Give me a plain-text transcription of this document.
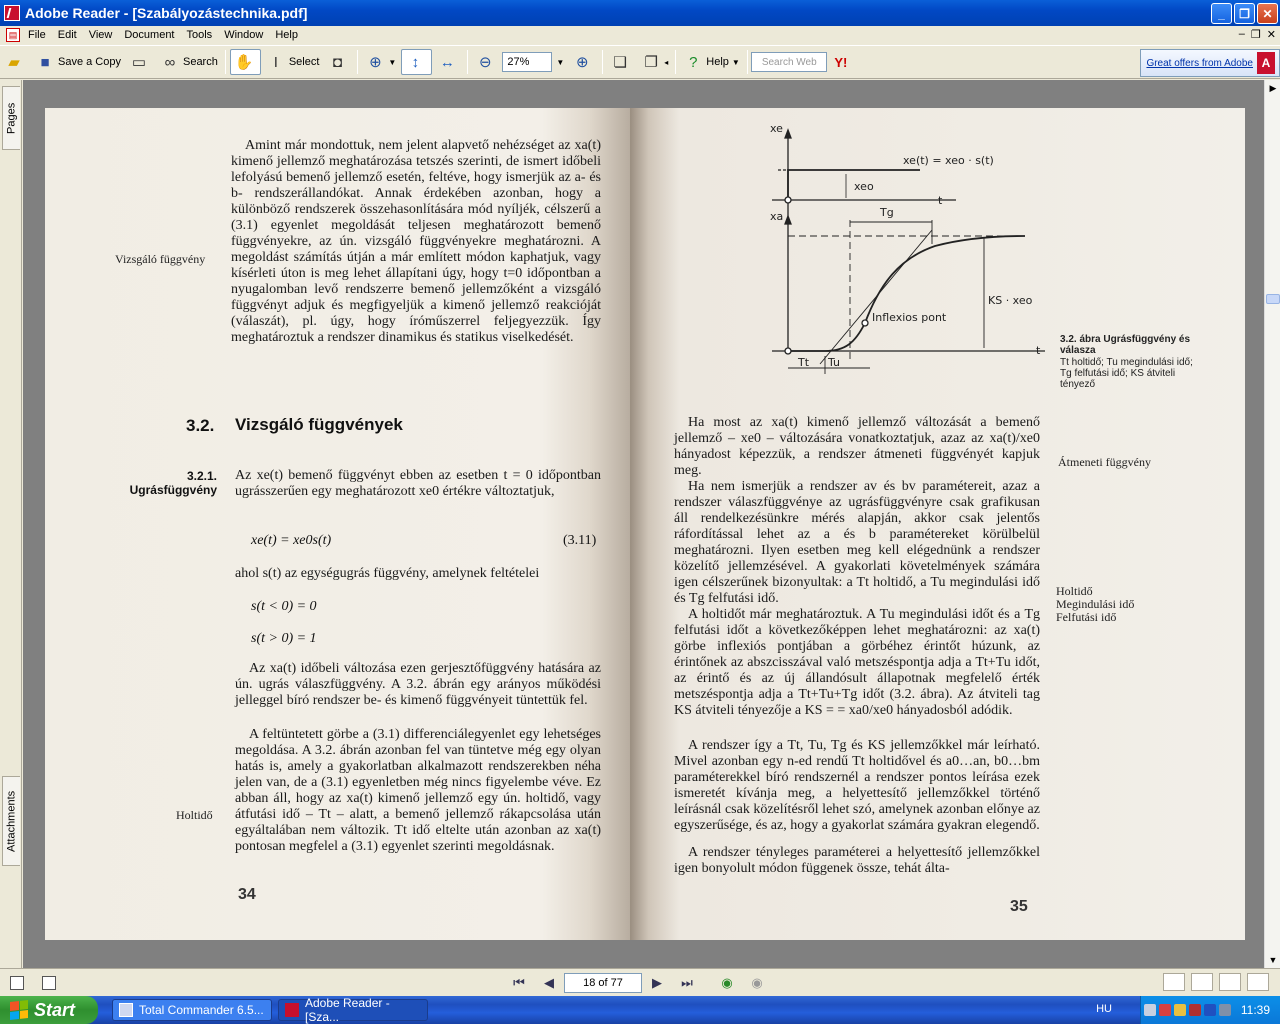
Adobe Reader - [Szabályozástechnika.pdf]	_	❐	✕
▤ File	Edit	View	Document	Tools	Window	Help	– ❐ ✕
▰	■ Save a Copy ▭	∞ Search ✋	I Select ◘	⊕ ▼	↕	↔ ⊖	27%	▼ ⊕ ❏ ❐ ◂	? Help ▼	Search Web	Y!	Great offers from Adobe A
Pages
Attachments
Amint már mondottuk, nem jelent alapvető nehézséget az xa(t) kimenő jellemző meghatározása tetszés szerinti, de ismert időbeli lefolyású bemenő jellemző esetén, feltéve, hogy ismerjük az a- és b- rendszerállandókat. Annak érdekében azonban, hogy a különböző rendszerek összehasonlítására mód nyíljék, célszerű a (3.1) egyenlet megoldását teljesen meghatározott bemenő függvényekre, az ún. vizsgáló függvényekre meghatározni. A megoldást számítás útján a már említett módon kaphatjuk, vagy kísérleti úton is meg lehet állapítani úgy, hogy t=0 időpontban a nyugalomban levő rendszerre bemenő jellemzőként a vizsgáló függvényt adjuk és megfigyeljük a kimenő jellemző reakcióját (válaszát), pl. úgy, hogy íróműszerrel feljegyezzük. Így meghatároztuk a rendszer dinamikus és statikus viselkedését.
Vizsgáló függvény
3.2. Vizsgáló függvények
3.2.1. Ugrásfüggvény
Az xe(t) bemenő függvényt ebben az esetben t = 0 időpontban ugrásszerűen egy meghatározott xe0 értékre változtatjuk,
xe(t) = xe0s(t)	(3.11)
ahol s(t) az egységugrás függvény, amelynek feltételei
s(t < 0) = 0
s(t > 0) = 1
Az xa(t) időbeli változása ezen gerjesztőfüggvény hatására az ún. ugrás válaszfüggvény. A 3.2. ábrán egy arányos működési jelleggel bíró rendszer be- és kimenő függvényeit tüntettük fel.
A feltüntetett görbe a (3.1) differenciálegyenlet egy lehetséges megoldása. A 3.2. ábrán azonban fel van tüntetve még egy olyan hatás is, amely a gyakorlatban alkalmazott rendszerekben néha jelen van, de a (3.1) egyenletben még nincs figyelembe véve. Ez abban áll, hogy az xa(t) kimenő jellemző egy ún. holtidő, vagy átfutási idő – Tt – alatt, a bemenő jellemző rákapcsolása után egyáltalában nem változik. Tt idő eltelte után azonban az xa(t) pontosan megfelel a (3.1) egyenlet szerinti megoldásnak.
Holtidő
34
xe
xeo
xe(t) = xeo · s(t)
t
xa	Tg
KS · xeo
Inflexios pont
Tt Tu
t
3.2. ábra Ugrásfüggvény és válasza
Tt holtidő; Tu megindulási idő; Tg felfutási idő; KS átviteli tényező
Ha most az xa(t) kimenő jellemző változását a bemenő jellemző – xe0 – változására vonatkoztatjuk, azaz az xa(t)/xe0 hányadost képezzük, a rendszer átmeneti függvényét kapjuk meg.
Átmeneti függvény
Ha nem ismerjük a rendszer av és bv paramétereit, azaz a rendszer válaszfüggvénye az ugrásfüggvényre csak grafikusan áll rendelkezésünkre mérés alapján, akkor csak jelentős ráfordítással lehet az a és b paramétereket körülbelül meghatározni. Ilyen esetben meg kell elégednünk a rendszer közelítő jellemzésével. A gyakorlati követelmények számára igen célszerűnek bizonyultak: a Tt holtidő, a Tu megindulási idő és Tg felfutási idő.	Holtidő
Megindulási idő
Felfutási idő
A holtidőt már meghatároztuk. A Tu megindulási időt és a Tg felfutási időt a következőképpen lehet meghatározni: az xa(t) görbe inflexiós pontjában a görbéhez érintőt húzunk, az érintőnek az abszcisszával való metszéspontja adja a Tt+Tu időt, az érintő és az új állandósult állapotnak megfelelő érték metszéspontja adja a Tt+Tu+Tg időt (3.2. ábra). Az átviteli tag KS átviteli tényezője a KS = = xa0/xe0 hányadosból adódik.
A rendszer így a Tt, Tu, Tg és KS jellemzőkkel már leírható. Mivel azonban egy n-ed rendű Tt holtidővel és a0…an, b0…bm paraméterekkel bíró rendszernél a rendszer pontos leírása ezek ismeretét kívánja meg, a helyettesítő jellemzőkkel történő leírásnál csak közelítésről lehet szó, amelynek azonban előnye az egyszerűsége, és az, hogy a gyakorlat számára gyakran elegendő.
A rendszer tényleges paraméterei a helyettesítő jellemzőkkel igen bonyolult módon függenek össze, tehát álta-
35
▶
▼
⏮	◀	18 of 77	▶	⏭	◉	◉
Start	Total Commander 6.5...	Adobe Reader - [Sza...
HU	11:39
